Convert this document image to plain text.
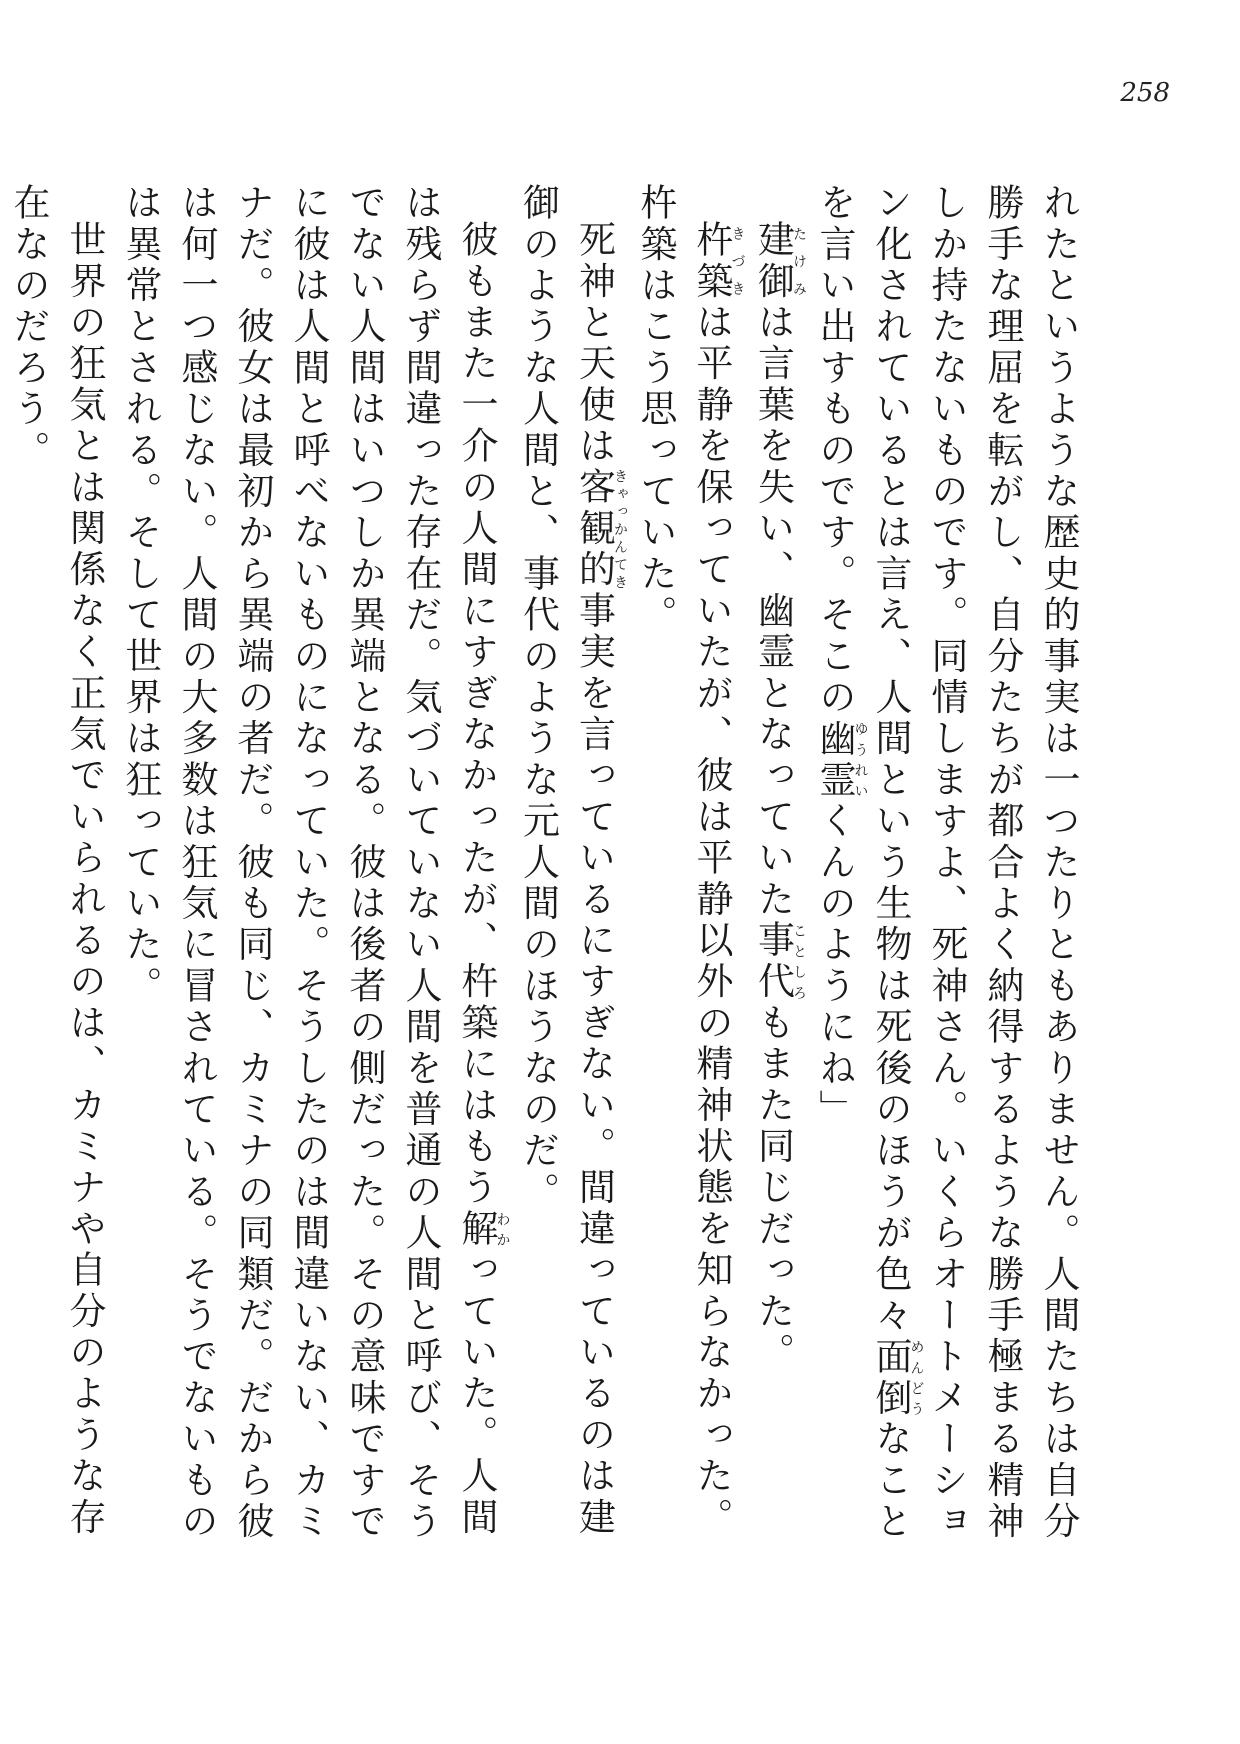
258

れたというような歴史的事実は一つたりともありません。人間たちは自分勝手な理屈を転がし、自分たちが都合よく納得するような勝手極まる精神しか持たないものです。同情しますよ、死神さん。いくらオートメーション化されているとは言え、人間という生物は死後のほうが色々面倒めんどうなことを言い出すものです。そこの幽霊ゆうれいくんのようにね」

建御たけみは言葉を失い、幽霊となっていた事代ことしろもまた同じだった。

杵築きづきは平静を保っていたが、彼は平静以外の精神状態を知らなかった。杵築はこう思っていた。

死神と天使は客観的きゃっかんてき事実を言っているにすぎない。間違っているのは建御のような人間と、事代のような元人間のほうなのだ。

彼もまた一介の人間にすぎなかったが、杵築にはもう解わかっていた。人間は残らず間違った存在だ。気づいていない人間を普通の人間と呼び、そうでない人間はいつしか異端となる。彼は後者の側だった。その意味ですでに彼は人間と呼べないものになっていた。そうしたのは間違いない、カミナだ。彼女は最初から異端の者だ。彼も同じ、カミナの同類だ。だから彼は何一つ感じない。人間の大多数は狂気に冒されている。そうでないものは異常とされる。そして世界は狂っていた。

世界の狂気とは関係なく正気でいられるのは、カミナや自分のような存在なのだろう。
